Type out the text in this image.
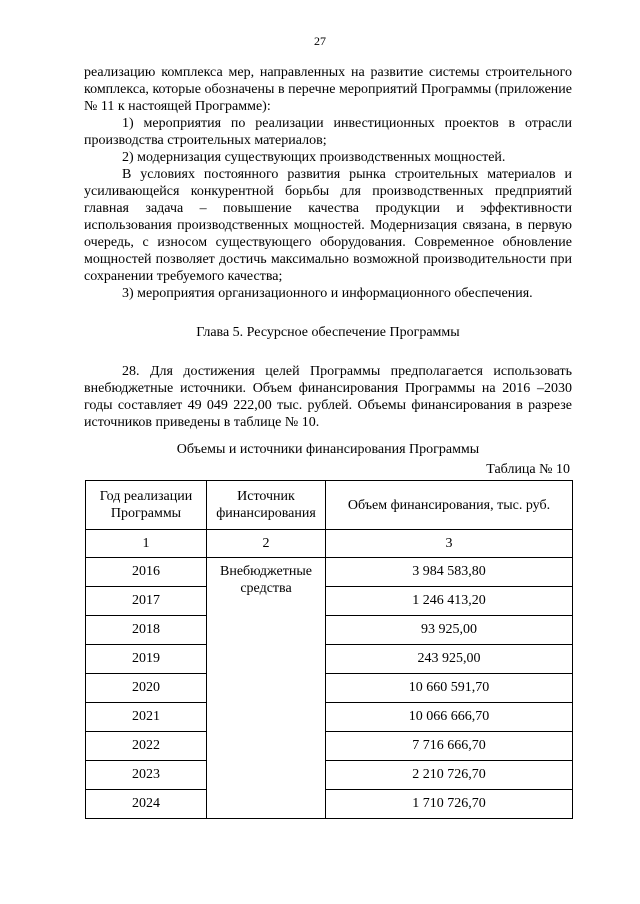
27

реализацию комплекса мер, направленных на развитие системы строительного комплекса, которые обозначены в перечне мероприятий Программы (приложение № 11 к настоящей Программе):

1) мероприятия по реализации инвестиционных проектов в отрасли производства строительных материалов;

2) модернизация существующих производственных мощностей.

В условиях постоянного развития рынка строительных материалов и усиливающейся конкурентной борьбы для производственных предприятий главная задача – повышение качества продукции и эффективности использования производственных мощностей. Модернизация связана, в первую очередь, с износом существующего оборудования. Современное обновление мощностей позволяет достичь максимально возможной производительности при сохранении требуемого качества;

3) мероприятия организационного и информационного обеспечения.

Глава 5. Ресурсное обеспечение Программы

28. Для достижения целей Программы предполагается использовать внебюджетные источники. Объем финансирования Программы на 2016 –2030 годы составляет 49 049 222,00 тыс. рублей. Объемы финансирования в разрезе источников приведены в таблице № 10.

Объемы и источники финансирования Программы
Таблица № 10
Год реализации Программы	Источник финансирования	Объем финансирования, тыс. руб.
1	2	3
2016	Внебюджетные средства	3 984 583,80
2017		1 246 413,20
2018		93 925,00
2019		243 925,00
2020		10 660 591,70
2021		10 066 666,70
2022		7 716 666,70
2023		2 210 726,70
2024		1 710 726,70
